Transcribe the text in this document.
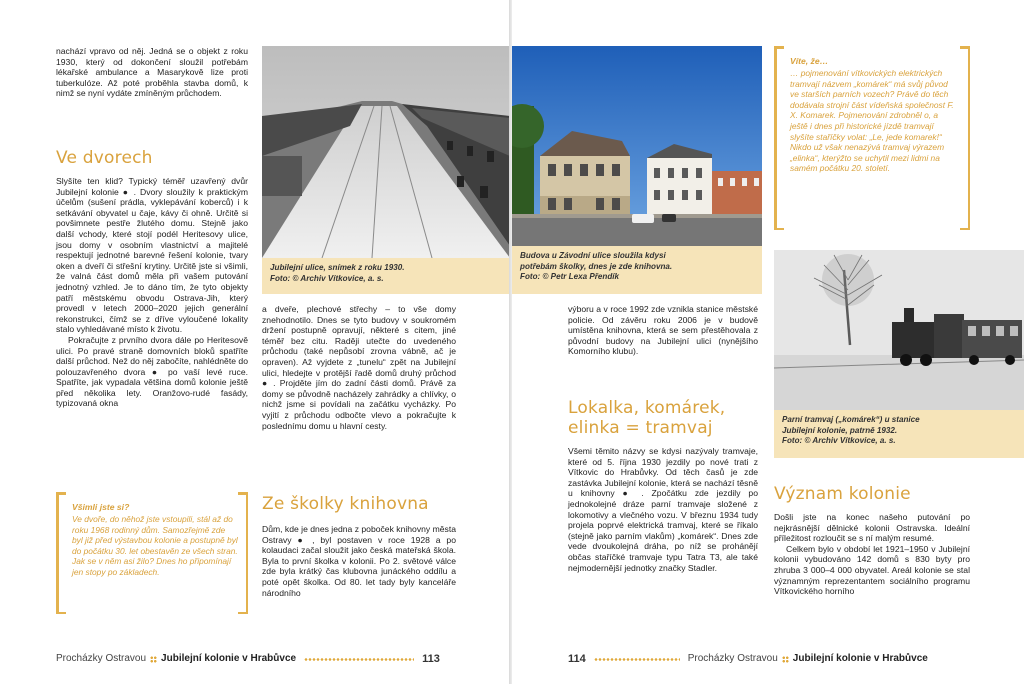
nachází vpravo od něj. Jedná se o objekt z roku 1930, který od dokončení sloužil potřebám lékařské ambulance a Masarykově lize proti tuberkulóze. Až poté proběhla stavba domů, k nimž se nyní vydáte zmíněným průchodem.

Ve dvorech

Slyšíte ten klid? Typický téměř uzavřený dvůr Jubilejní kolonie ● . Dvory sloužily k praktickým účelům (sušení prádla, vyklepávání koberců) i k setkávání obyvatel u čaje, kávy či ohně. Určitě si povšimnete pestře žlutého domu. Stejně jako další vchody, které stojí podél Heritesovy ulice, jsou domy v osobním vlastnictví a majitelé respektují jednotné barevné řešení kolonie, tvary oken a dveří či střešní krytiny. Určitě jste si všimli, že valná část domů měla při vašem putování jednotný vzhled. Je to dáno tím, že tyto objekty patří městskému obvodu Ostrava-Jih, který provedl v letech 2000–2020 jejich generální rekonstrukci, čímž se z dříve vyloučené lokality stalo vyhledávané místo k životu.

Pokračujte z prvního dvora dále po Heritesově ulici. Po pravé straně domovních bloků spatříte další průchod. Než do něj zabočíte, nahlédněte do polouzavřeného dvora ● po vaší levé ruce. Spatříte, jak vypadala většina domů kolonie ještě před několika lety. Oranžovo-rudé fasády, typizovaná okna

Jubilejní ulice, snímek z roku 1930.
Foto: © Archiv Vítkovice, a. s.

a dveře, plechové střechy – to vše domy znehodnotilo. Dnes se tyto budovy v soukromém držení postupně opravují, některé s citem, jiné téměř bez citu. Raději utečte do uvedeného průchodu (také nepůsobí zrovna vábně, ač je opraven). Až vyjdete z „tunelu“ zpět na Jubilejní ulici, hledejte v protější řadě domů druhý průchod ● . Projděte jím do zadní části domů. Právě za domy se původně nacházely zahrádky a chlívky, o nichž jsme si povídali na začátku vycházky. Po vyjití z průchodu odbočte vlevo a pokračujte k poslednímu domu u hlavní cesty.

Ze školky knihovna

Dům, kde je dnes jedna z poboček knihovny města Ostravy ● , byl postaven v roce 1928 a po kolaudaci začal sloužit jako česká mateřská škola. Byla to první školka v kolonii. Po 2. světové válce zde byla krátký čas klubovna junáckého oddílu a poté opět školka. Od 80. let tady byly kanceláře národního

Všimli jste si?
Ve dvoře, do něhož jste vstoupili, stál až do roku 1968 rodinný dům. Samozřejmě zde byl již před výstavbou kolonie a postupně byl do počátku 30. let obestavěn ze všech stran. Jak se v něm asi žilo? Dnes ho připomínají jen stopy po základech.
Procházky Ostravou Jubilejní kolonie v Hrabůvce	113
Budova u Závodní ulice sloužila kdysi
potřebám školky, dnes je zde knihovna.
Foto: © Petr Lexa Přendík

výboru a v roce 1992 zde vznikla stanice městské policie. Od závěru roku 2006 je v budově umístěna knihovna, která se sem přestěhovala z původní budovy na Jubilejní ulici (nynějšího Komorního klubu).

Lokalka, komárek,
elinka = tramvaj

Všemi těmito názvy se kdysi nazývaly tramvaje, které od 5. října 1930 jezdily po nové trati z Vítkovic do Hrabůvky. Od těch časů je zde zastávka Jubilejní kolonie, která se nachází těsně u knihovny ● . Zpočátku zde jezdily po jednokolejné dráze parní tramvaje složené z lokomotivy a vlečného vozu. V březnu 1934 tudy projela poprvé elektrická tramvaj, které se říkalo (stejně jako parním vlakům) „komárek“. Dnes zde vede dvoukolejná dráha, po níž se prohánějí občas staříčké tramvaje typu Tatra T3, ale také nejmodernější jednotky značky Stadler.

Víte, že…
… pojmenování vítkovických elektrických tramvají názvem „komárek“ má svůj původ ve starších parních vozech? Právě do těch dodávala strojní část vídeňská společnost F. X. Komarek. Pojmenování zdrobněl o, a ještě i dnes při historické jízdě tramvají slyšíte staříčky volat: „Le, jede komarek!“ Nikdo už však nenazývá tramvaj výrazem „elinka“, kterýžto se uchytil mezi lidmi na samém počátku 20. století.
Parní tramvaj („komárek“) u stanice
Jubilejní kolonie, patrně 1932.
Foto: © Archiv Vítkovice, a. s.
Význam kolonie

Došli jste na konec našeho putování po nejkrásnější dělnické kolonii Ostravska. Ideální příležitost rozloučit se s ní malým resumé.

Celkem bylo v období let 1921–1950 v Jubilejní kolonii vybudováno 142 domů s 830 byty pro zhruba 3 000–4 000 obyvatel. Areál kolonie se stal významným reprezentantem sociálního programu Vítkovického horního

114	Procházky Ostravou Jubilejní kolonie v Hrabůvce
